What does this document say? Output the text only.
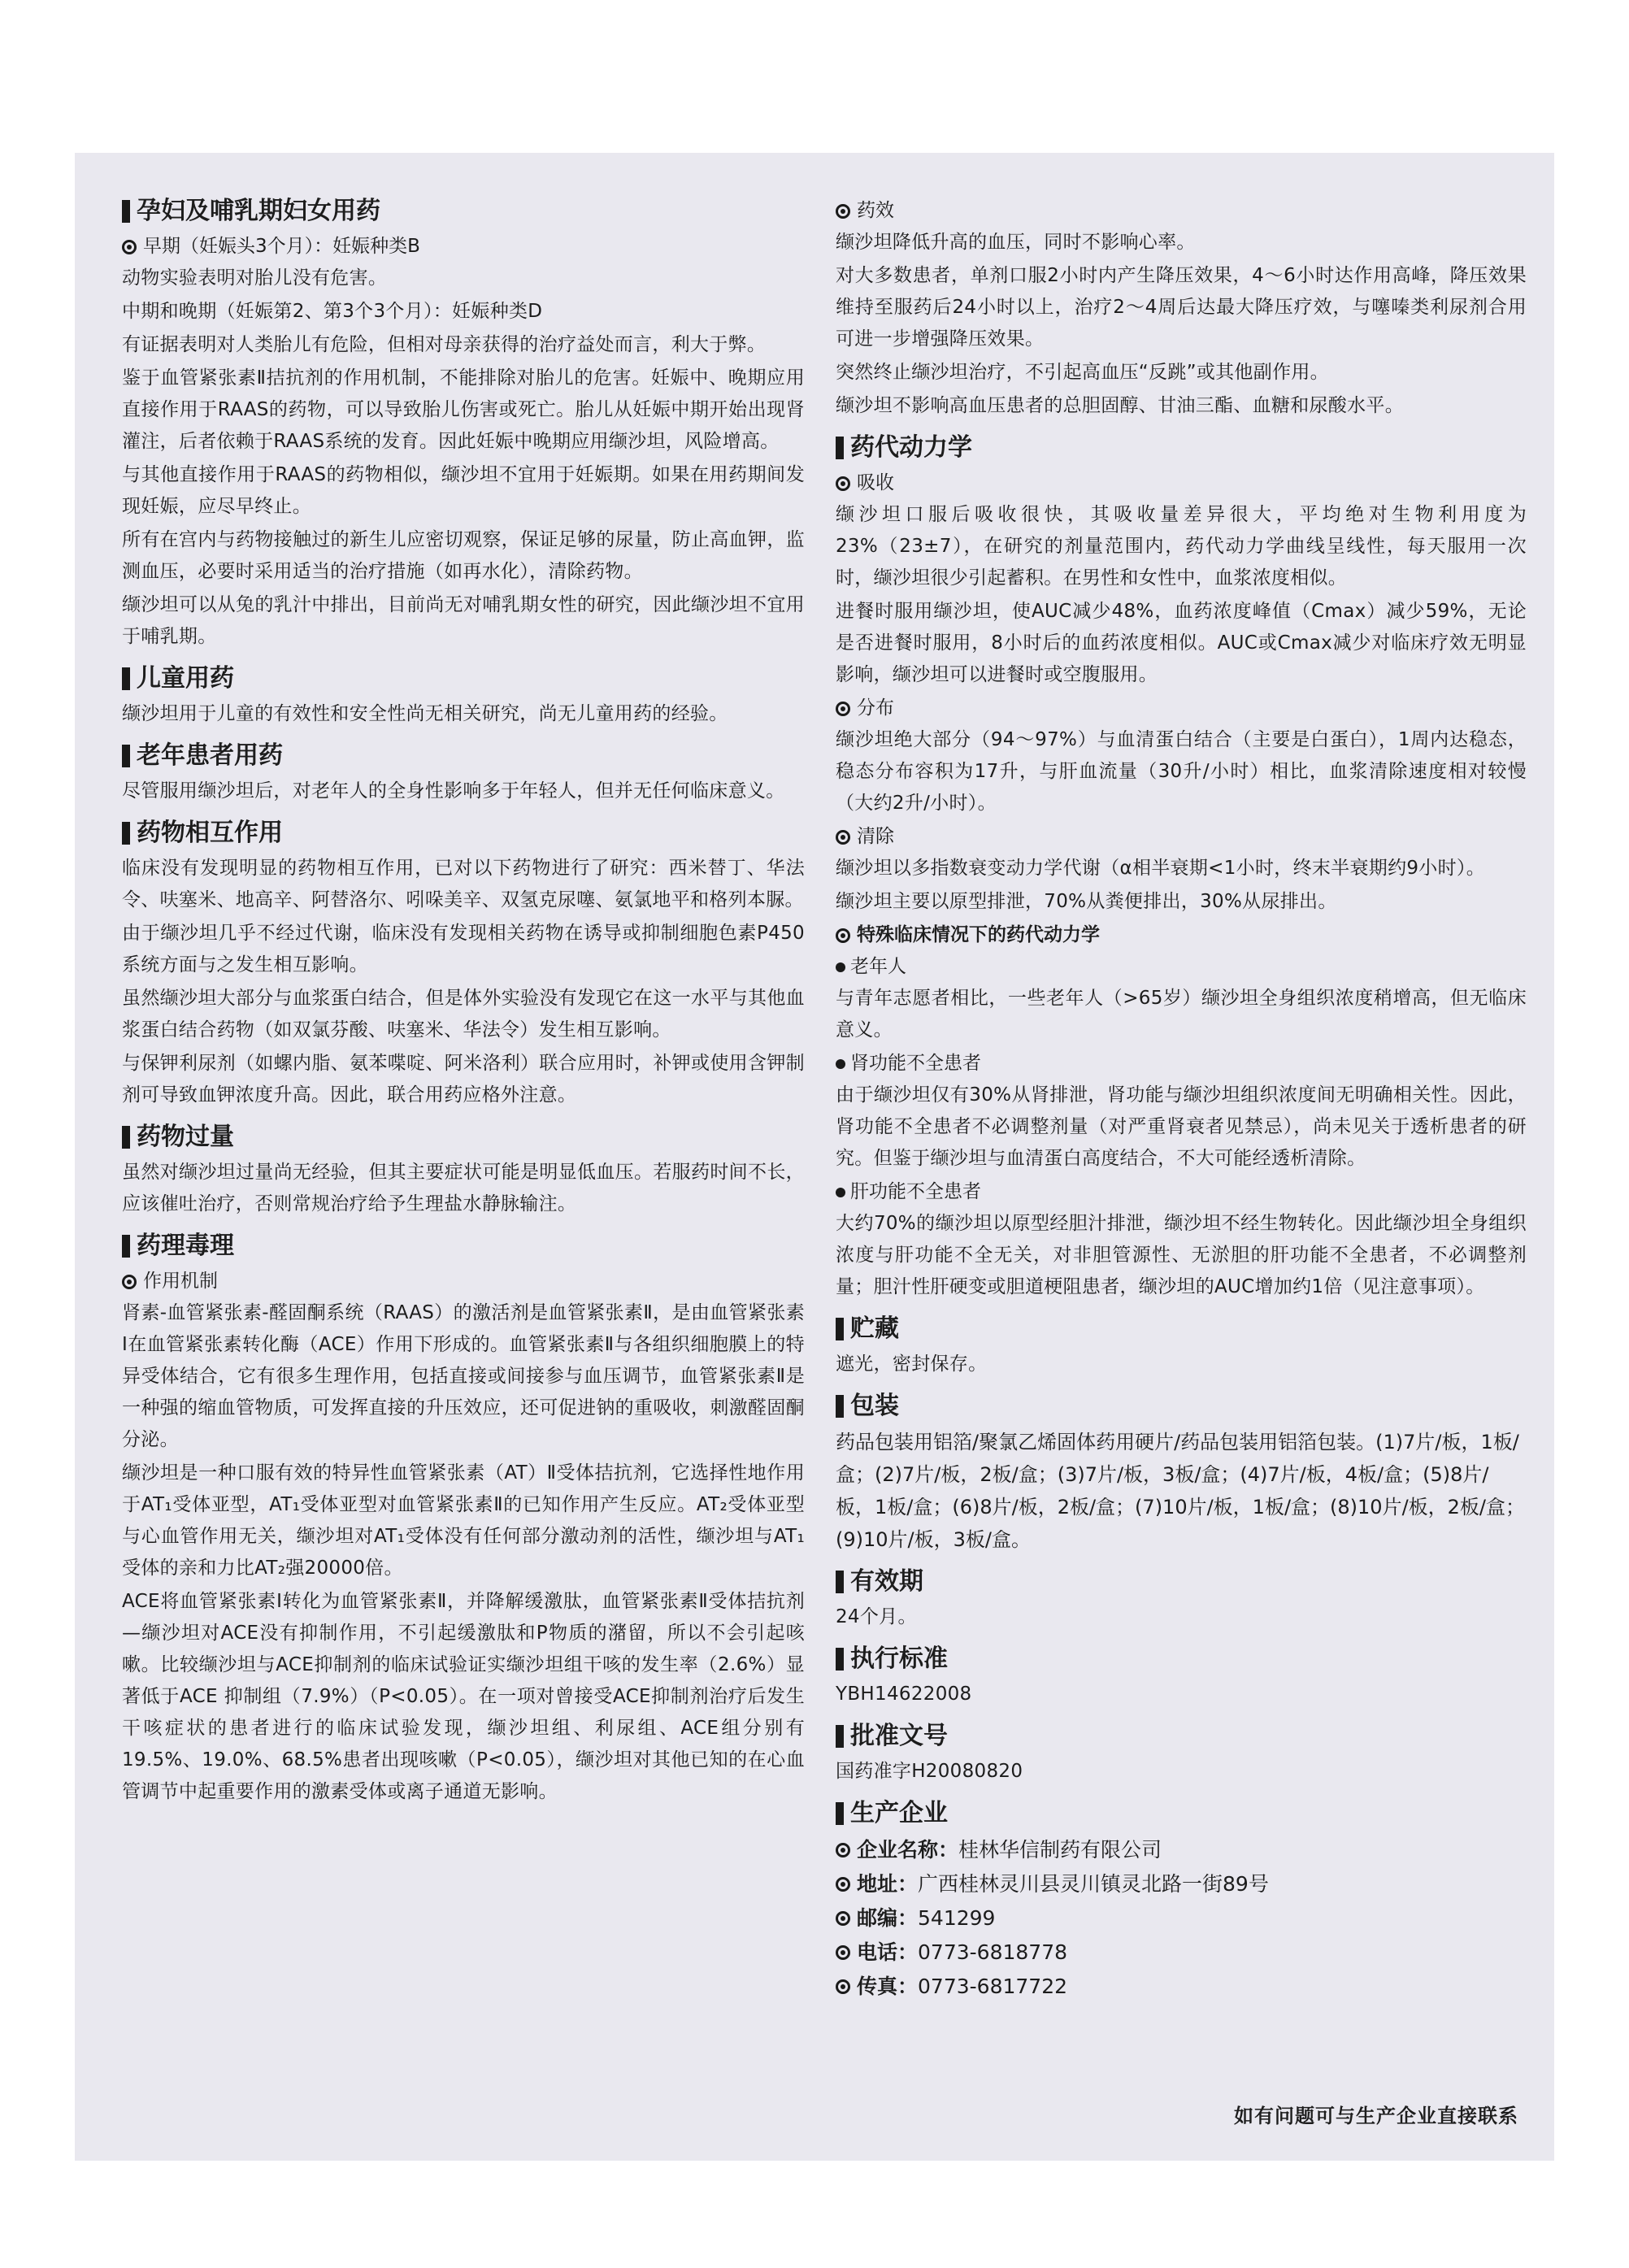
孕妇及哺乳期妇女用药
早期（妊娠头3个月）：妊娠种类B

动物实验表明对胎儿没有危害。

中期和晚期（妊娠第2、第3个3个月）：妊娠种类D

有证据表明对人类胎儿有危险，但相对母亲获得的治疗益处而言，利大于弊。

鉴于血管紧张素Ⅱ拮抗剂的作用机制，不能排除对胎儿的危害。妊娠中、晚期应用直接作用于RAAS的药物，可以导致胎儿伤害或死亡。胎儿从妊娠中期开始出现肾灌注，后者依赖于RAAS系统的发育。因此妊娠中晚期应用缬沙坦，风险增高。

与其他直接作用于RAAS的药物相似，缬沙坦不宜用于妊娠期。如果在用药期间发现妊娠，应尽早终止。

所有在宫内与药物接触过的新生儿应密切观察，保证足够的尿量，防止高血钾，监测血压，必要时采用适当的治疗措施（如再水化），清除药物。

缬沙坦可以从兔的乳汁中排出，目前尚无对哺乳期女性的研究，因此缬沙坦不宜用于哺乳期。

儿童用药

缬沙坦用于儿童的有效性和安全性尚无相关研究，尚无儿童用药的经验。

老年患者用药

尽管服用缬沙坦后，对老年人的全身性影响多于年轻人，但并无任何临床意义。

药物相互作用

临床没有发现明显的药物相互作用，已对以下药物进行了研究：西米替丁、华法令、呋塞米、地高辛、阿替洛尔、吲哚美辛、双氢克尿噻、氨氯地平和格列本脲。

由于缬沙坦几乎不经过代谢，临床没有发现相关药物在诱导或抑制细胞色素P450系统方面与之发生相互影响。

虽然缬沙坦大部分与血浆蛋白结合，但是体外实验没有发现它在这一水平与其他血浆蛋白结合药物（如双氯芬酸、呋塞米、华法令）发生相互影响。

与保钾利尿剂（如螺内脂、氨苯喋啶、阿米洛利）联合应用时，补钾或使用含钾制剂可导致血钾浓度升高。因此，联合用药应格外注意。

药物过量

虽然对缬沙坦过量尚无经验，但其主要症状可能是明显低血压。若服药时间不长，应该催吐治疗，否则常规治疗给予生理盐水静脉输注。

药理毒理
作用机制

肾素-血管紧张素-醛固酮系统（RAAS）的激活剂是血管紧张素Ⅱ，是由血管紧张素Ⅰ在血管紧张素转化酶（ACE）作用下形成的。血管紧张素Ⅱ与各组织细胞膜上的特异受体结合，它有很多生理作用，包括直接或间接参与血压调节，血管紧张素Ⅱ是一种强的缩血管物质，可发挥直接的升压效应，还可促进钠的重吸收，刺激醛固酮分泌。

缬沙坦是一种口服有效的特异性血管紧张素（AT）Ⅱ受体拮抗剂，它选择性地作用于AT₁受体亚型，AT₁受体亚型对血管紧张素Ⅱ的已知作用产生反应。AT₂受体亚型与心血管作用无关，缬沙坦对AT₁受体没有任何部分激动剂的活性，缬沙坦与AT₁受体的亲和力比AT₂强20000倍。

ACE将血管紧张素Ⅰ转化为血管紧张素Ⅱ，并降解缓激肽，血管紧张素Ⅱ受体拮抗剂—缬沙坦对ACE没有抑制作用，不引起缓激肽和P物质的潴留，所以不会引起咳嗽。比较缬沙坦与ACE抑制剂的临床试验证实缬沙坦组干咳的发生率（2.6%）显著低于ACE 抑制组（7.9%）（P<0.05）。在一项对曾接受ACE抑制剂治疗后发生干咳症状的患者进行的临床试验发现，缬沙坦组、利尿组、ACE组分别有19.5%、19.0%、68.5%患者出现咳嗽（P<0.05），缬沙坦对其他已知的在心血管调节中起重要作用的激素受体或离子通道无影响。

药效

缬沙坦降低升高的血压，同时不影响心率。

对大多数患者，单剂口服2小时内产生降压效果，4～6小时达作用高峰，降压效果维持至服药后24小时以上，治疗2～4周后达最大降压疗效，与噻嗪类利尿剂合用可进一步增强降压效果。

突然终止缬沙坦治疗，不引起高血压“反跳”或其他副作用。

缬沙坦不影响高血压患者的总胆固醇、甘油三酯、血糖和尿酸水平。

药代动力学
吸收

缬沙坦口服后吸收很快，其吸收量差异很大，平均绝对生物利用度为23%（23±7），在研究的剂量范围内，药代动力学曲线呈线性，每天服用一次时，缬沙坦很少引起蓄积。在男性和女性中，血浆浓度相似。

进餐时服用缬沙坦，使AUC减少48%，血药浓度峰值（Cmax）减少59%，无论是否进餐时服用，8小时后的血药浓度相似。AUC或Cmax减少对临床疗效无明显影响，缬沙坦可以进餐时或空腹服用。

分布

缬沙坦绝大部分（94～97%）与血清蛋白结合（主要是白蛋白），1周内达稳态，稳态分布容积为17升，与肝血流量（30升/小时）相比，血浆清除速度相对较慢（大约2升/小时）。

清除

缬沙坦以多指数衰变动力学代谢（α相半衰期<1小时，终末半衰期约9小时）。

缬沙坦主要以原型排泄，70%从粪便排出，30%从尿排出。

特殊临床情况下的药代动力学
老年人

与青年志愿者相比，一些老年人（>65岁）缬沙坦全身组织浓度稍增高，但无临床意义。

肾功能不全患者

由于缬沙坦仅有30%从肾排泄，肾功能与缬沙坦组织浓度间无明确相关性。因此，肾功能不全患者不必调整剂量（对严重肾衰者见禁忌），尚未见关于透析患者的研究。但鉴于缬沙坦与血清蛋白高度结合，不大可能经透析清除。

肝功能不全患者

大约70%的缬沙坦以原型经胆汁排泄，缬沙坦不经生物转化。因此缬沙坦全身组织浓度与肝功能不全无关，对非胆管源性、无淤胆的肝功能不全患者，不必调整剂量；胆汁性肝硬变或胆道梗阻患者，缬沙坦的AUC增加约1倍（见注意事项）。

贮藏

遮光，密封保存。

包装

药品包装用铝箔/聚氯乙烯固体药用硬片/药品包装用铝箔包装。(1)7片/板，1板/盒；(2)7片/板，2板/盒；(3)7片/板，3板/盒；(4)7片/板，4板/盒；(5)8片/板，1板/盒；(6)8片/板，2板/盒；(7)10片/板，1板/盒；(8)10片/板，2板/盒；(9)10片/板，3板/盒。

有效期

24个月。

执行标准

YBH14622008

批准文号

国药准字H20080820

生产企业
企业名称： 桂林华信制药有限公司
地址： 广西桂林灵川县灵川镇灵北路一街89号
邮编： 541299
电话： 0773-6818778
传真： 0773-6817722
如有问题可与生产企业直接联系
